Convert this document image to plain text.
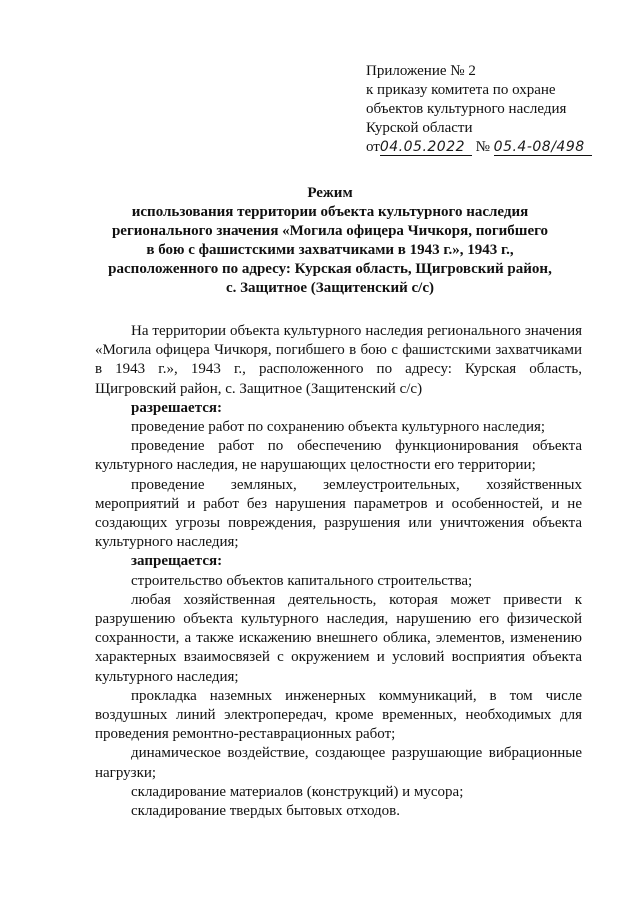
Приложение № 2
к приказу комитета по охране
объектов культурного наследия
Курской области
от04.05.2022 № 05.4-08/498
Режим
использования территории объекта культурного наследия
регионального значения «Могила офицера Чичкоря, погибшего
в бою с фашистскими захватчиками в 1943 г.», 1943 г.,
расположенного по адресу: Курская область, Щигровский район,
с. Защитное (Защитенский с/с)

На территории объекта культурного наследия регионального значения «Могила офицера Чичкоря, погибшего в бою с фашистскими захватчиками в 1943 г.», 1943 г., расположенного по адресу: Курская область, Щигровский район, с. Защитное (Защитенский с/с)

разрешается:

проведение работ по сохранению объекта культурного наследия;

проведение работ по обеспечению функционирования объекта культурного наследия, не нарушающих целостности его территории;

проведение земляных, землеустроительных, хозяйственных мероприятий и работ без нарушения параметров и особенностей, и не создающих угрозы повреждения, разрушения или уничтожения объекта культурного наследия;

запрещается:

строительство объектов капитального строительства;

любая хозяйственная деятельность, которая может привести к разрушению объекта культурного наследия, нарушению его физической сохранности, а также искажению внешнего облика, элементов, изменению характерных взаимосвязей с окружением и условий восприятия объекта культурного наследия;

прокладка наземных инженерных коммуникаций, в том числе воздушных линий электропередач, кроме временных, необходимых для проведения ремонтно-реставрационных работ;

динамическое воздействие, создающее разрушающие вибрационные нагрузки;

складирование материалов (конструкций) и мусора;

складирование твердых бытовых отходов.
